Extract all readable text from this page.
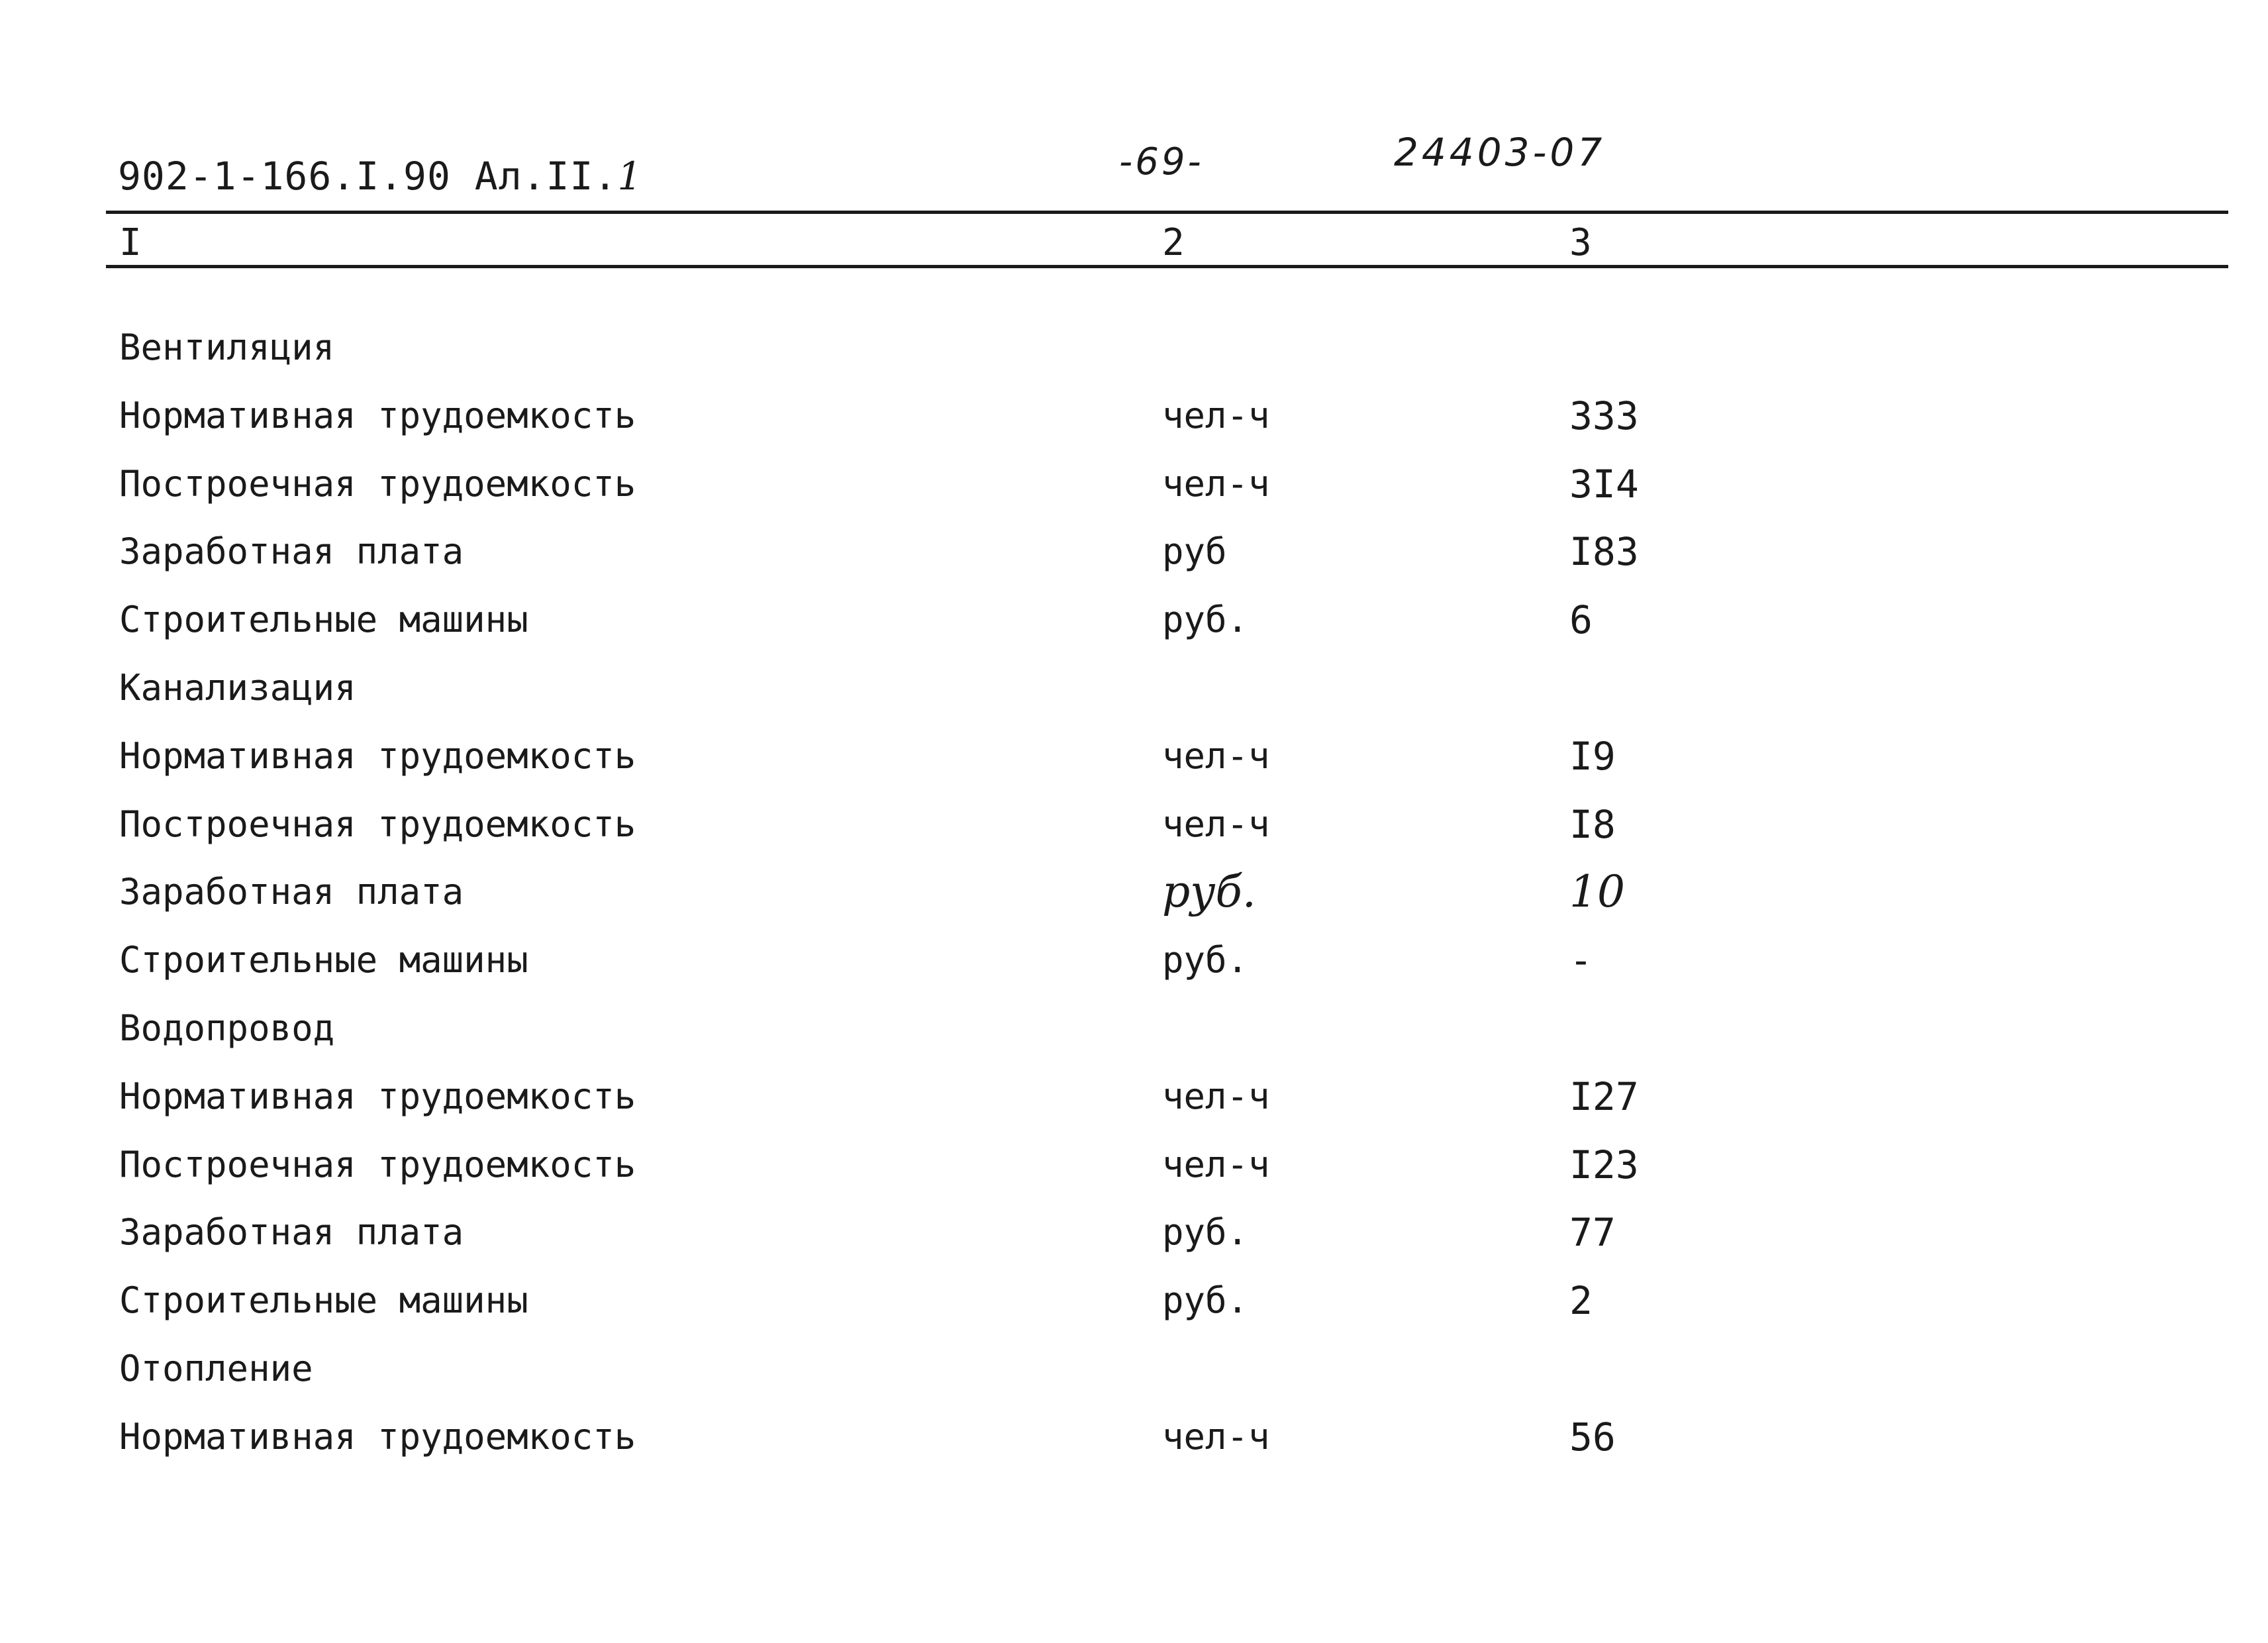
902-1-166.I.90 Ал.II.1	-69-	24403-07
I	2	3
Вентиляция
Нормативная трудоемкость	чел-ч	333
Построечная трудоемкость	чел-ч	3I4
Заработная плата	руб	I83
Строительные машины	руб.	6
Канализация
Нормативная трудоемкость	чел-ч	I9
Построечная трудоемкость	чел-ч	I8
Заработная плата	руб.	10
Строительные машины	руб.	-
Водопровод
Нормативная трудоемкость	чел-ч	I27
Построечная трудоемкость	чел-ч	I23
Заработная плата	руб.	77
Строительные машины	руб.	2
Отопление
Нормативная трудоемкость	чел-ч	56
